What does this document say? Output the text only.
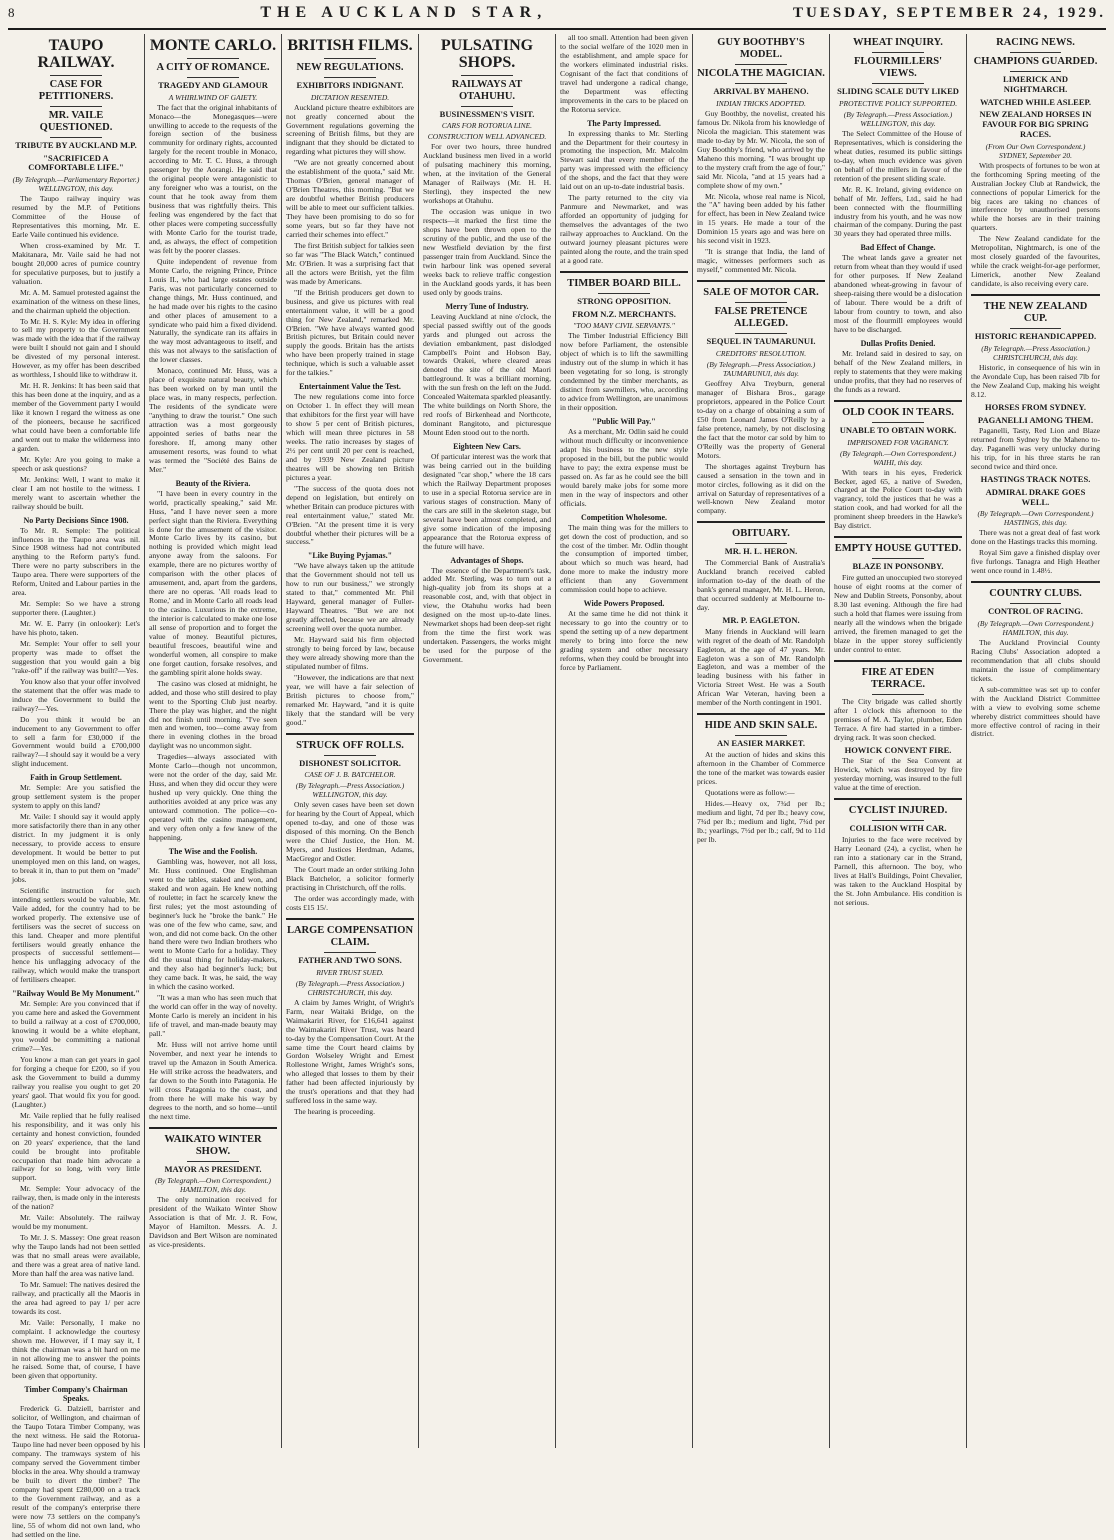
8	THE AUCKLAND STAR,	TUESDAY, SEPTEMBER 24, 1929.
TAUPO RAILWAY.
CASE FOR PETITIONERS.
MR. VAILE QUESTIONED.
TRIBUTE BY AUCKLAND M.P.
"SACRIFICED A COMFORTABLE LIFE."
(By Telegraph.—Parliamentary Reporter.) WELLINGTON, this day.

The Taupo railway inquiry was resumed by the M.P. of Petitions Committee of the House of Representatives this morning, Mr. E. Earle Vaile continued his evidence.

When cross-examined by Mr. T. Makitanara, Mr. Vaile said he had not bought 20,000 acres of pumice country for speculative purposes, but to justify a valuation.

Mr. A. M. Samuel protested against the examination of the witness on these lines, and the chairman upheld the objection.

To Mr. H. S. Kyle: My idea in offering to sell my property to the Government was made with the idea that if the railway were built I should not gain and I should be divested of my personal interest. However, as my offer has been described as worthless, I should like to withdraw it.

Mr. H. R. Jenkins: It has been said that this has been done at the inquiry, and as a member of the Government party I would like it known I regard the witness as one of the pioneers, because he sacrificed what could have been a comfortable life and went out to make the wilderness into a garden.

Mr. Kyle: Are you going to make a speech or ask questions?

Mr. Jenkins: Well, I want to make it clear I am not hostile to the witness. I merely want to ascertain whether the railway should be built.

No Party Decisions Since 1908.

To Mr. R. Semple: The political influences in the Taupo area was nil. Since 1908 witness had not contributed anything to the Reform party's fund. There were no party subscribers in the Taupo area. There were supporters of the Reform, United and Labour parties in the area.

Mr. Semple: So we have a strong supporter there. (Laughter.)

Mr. W. E. Parry (in onlooker): Let's have his photo, taken.

Mr. Semple: Your offer to sell your property was made to offset the suggestion that you would gain a big "rake-off" if the railway was built?—Yes.

You know also that your offer involved the statement that the offer was made to induce the Government to build the railway?—Yes.

Do you think it would be an inducement to any Government to offer to sell a farm for £30,000 if the Government would build a £700,000 railway?—I should say it would be a very slight inducement.

Faith in Group Settlement.

Mr. Semple: Are you satisfied the group settlement system is the proper system to apply on this land?

Mr. Vaile: I should say it would apply more satisfactorily there than in any other district. In my judgment it is only necessary, to provide access to ensure development. It would be better to put unemployed men on this land, on wages, to break it in, than to put them on "made" jobs.

Scientific instruction for such intending settlers would be valuable, Mr. Vaile added, for the country had to be worked properly. The extensive use of fertilisers was the secret of success on this land. Cheaper and more plentiful fertilisers would greatly enhance the prospects of successful settlement—hence his unflagging advocacy of the railway, which would make the transport of fertilisers cheaper.

"Railway Would Be My Monument."

Mr. Semple: Are you convinced that if you came here and asked the Government to build a railway at a cost of £700,000, knowing it would be a white elephant, you would be committing a national crime?—Yes.

You know a man can get years in gaol for forging a cheque for £200, so if you ask the Government to build a dummy railway you realise you ought to get 20 years' gaol. That would fix you for good. (Laughter.)

Mr. Vaile replied that he fully realised his responsibility, and it was only his certainty and honest conviction, founded on 20 years' experience, that the land could be brought into profitable occupation that made him advocate a railway for so long, with very little support.

Mr. Semple: Your advocacy of the railway, then, is made only in the interests of the nation?

Mr. Vaile: Absolutely. The railway would be my monument.

To Mr. J. S. Massey: One great reason why the Taupo lands had not been settled was that no small areas were available, and there was a great area of native land. More than half the area was native land.

To Mr. Samuel: The natives desired the railway, and practically all the Maoris in the area had agreed to pay 1/ per acre towards its cost.

Mr. Vaile: Personally, I make no complaint. I acknowledge the courtesy shown me. However, if I may say it, I think the chairman was a bit hard on me in not allowing me to answer the points he raised. Some that, of course, I have been given that opportunity.

Timber Company's Chairman Speaks.

Frederick G. Dalziell, barrister and solicitor, of Wellington, and chairman of the Taupo Totara Timber Company, was the next witness. He said the Rotorua-Taupo line had never been opposed by his company. The tramways system of his company served the Government timber blocks in the area. Why should a tramway be built to divert the timber? The company had spent £280,000 on a track to the Government railway, and as a result of the company's enterprise there were now 73 settlers on the company's line, 55 of whom did not own land, who had settled on the line.

MONTE CARLO.
A CITY OF ROMANCE.
TRAGEDY AND GLAMOUR
A WHIRLWIND OF GAIETY.

The fact that the original inhabitants of Monaco—the Monegasques—were unwilling to accede to the requests of the foreign section of the business community for ordinary rights, accounted largely for the recent trouble in Monaco, according to Mr. T. C. Huss, a through passenger by the Aorangi. He said that the original people were antagonistic to any foreigner who was a tourist, on the count that he took away from them business that was rightfully theirs. This feeling was engendered by the fact that other places were competing successfully with Monte Carlo for the tourist trade, and, as always, the effect of competition was felt by the poorer classes.

Quite independent of revenue from Monte Carlo, the reigning Prince, Prince Louis II., who had large estates outside Paris, was not particularly concerned to change things, Mr. Huss continued, and he had made over his rights to the casino and other places of amusement to a syndicate who paid him a fixed dividend. Naturally, the syndicate ran its affairs in the way most advantageous to itself, and this was not always to the satisfaction of the lower classes.

Monaco, continued Mr. Huss, was a place of exquisite natural beauty, which has been worked on by man until the place was, in many respects, perfection. The residents of the syndicate were "anything to draw the tourist." One such attraction was a most gorgeously appointed series of baths near the foreshore. If, among many other amusement resorts, was found to what was termed the "Société des Bains de Mer."

Beauty of the Riviera.

"I have been in every country in the world, practically speaking," said Mr. Huss, "and I have never seen a more perfect sight than the Riviera. Everything is done for the amusement of the visitor. Monte Carlo lives by its casino, but nothing is provided which might lead anyone away from the saloons. For example, there are no pictures worthy of comparison with the other places of amusement, and, apart from the gardens, there are no operas. 'All roads lead to Rome,' and in Monte Carlo all roads lead to the casino. Luxurious in the extreme, the interior is calculated to make one lose all sense of proportion and to forget the value of money. Beautiful pictures, beautiful frescoes, beautiful wine and wonderful women, all conspire to make one forget caution, forsake resolves, and the gambling spirit alone holds sway.

The casino was closed at midnight, he added, and those who still desired to play went to the Sporting Club just nearby. There the play was higher, and the night did not finish until morning. "I've seen men and women, too—come away from there in evening clothes in the broad daylight was no uncommon sight.

Tragedies—always associated with Monte Carlo—though not uncommon, were not the order of the day, said Mr. Huss, and when they did occur they were hushed up very quickly. One thing the authorities avoided at any price was any untoward commotion. The police—co-operated with the casino management, and very often only a few knew of the happening.

The Wise and the Foolish.

Gambling was, however, not all loss, Mr. Huss continued. One Englishman went to the tables, staked and won, and staked and won again. He knew nothing of roulette; in fact he scarcely knew the first rules; yet the most astounding of beginner's luck he "broke the bank." He was one of the few who came, saw, and won, and did not come back. On the other hand there were two Indian brothers who went to Monte Carlo for a holiday. They did the usual thing for holiday-makers, and they also had beginner's luck; but they came back. It was, he said, the way in which the casino worked.

"It was a man who has seen much that the world can offer in the way of novelty. Monte Carlo is merely an incident in his life of travel, and man-made beauty may pall."

Mr. Huss will not arrive home until November, and next year he intends to travel up the Amazon in South America. He will strike across the headwaters, and far down to the South into Patagonia. He will cross Patagonia to the coast, and from there he will make his way by degrees to the north, and so home—until the next time.

WAIKATO WINTER SHOW.
MAYOR AS PRESIDENT.
(By Telegraph.—Own Correspondent.) HAMILTON, this day.

The only nomination received for president of the Waikato Winter Show Association is that of Mr. J. R. Fow, Mayor of Hamilton. Messrs. A. J. Davidson and Bert Wilson are nominated as vice-presidents.

BRITISH FILMS.
NEW REGULATIONS.
EXHIBITORS INDIGNANT.
DICTATION RESENTED.

Auckland picture theatre exhibitors are not greatly concerned about the Government regulations governing the screening of British films, but they are indignant that they should be dictated to regarding what pictures they will show.

"We are not greatly concerned about the establishment of the quota," said Mr. Thomas O'Brien, general manager of O'Brien Theatres, this morning. "But we are doubtful whether British producers will be able to meet our sufficient talkies. They have been promising to do so for some years, but so far they have not carried their schemes into effect."

The first British subject for talkies seen so far was "The Black Watch," continued Mr. O'Brien. It was a surprising fact that all the actors were British, yet the film was made by Americans.

"If the British producers get down to business, and give us pictures with real entertainment value, it will be a good thing for New Zealand," remarked Mr. O'Brien. "We have always wanted good British pictures, but Britain could never supply the goods. Britain has the artists who have been properly trained in stage technique, which is such a valuable asset for the talkies."

Entertainment Value the Test.

The new regulations come into force on October 1. In effect they will mean that exhibitors for the first year will have to show 5 per cent of British pictures, which will mean three pictures in 58 weeks. The ratio increases by stages of 2½ per cent until 20 per cent is reached, and by 1939 New Zealand picture theatres will be showing ten British pictures a year.

"The success of the quota does not depend on legislation, but entirely on whether Britain can produce pictures with real entertainment value," stated Mr. O'Brien. "At the present time it is very doubtful whether their pictures will be a success."

"Like Buying Pyjamas."

"We have always taken up the attitude that the Government should not tell us how to run our business," we strongly stated to that," commented Mr. Phil Hayward, general manager of Fuller-Hayward Theatres. "But we are not greatly affected, because we are already screening well over the quota number.

Mr. Hayward said his firm objected strongly to being forced by law, because they were already showing more than the stipulated number of films.

"However, the indications are that next year, we will have a fair selection of British pictures to choose from," remarked Mr. Hayward, "and it is quite likely that the standard will be very good."

STRUCK OFF ROLLS.
DISHONEST SOLICITOR.
CASE OF J. B. BATCHELOR.
(By Telegraph.—Press Association.) WELLINGTON, this day.

Only seven cases have been set down for hearing by the Court of Appeal, which opened to-day, and one of those was disposed of this morning. On the Bench were the Chief Justice, the Hon. M. Myers, and Justices Herdman, Adams, MacGregor and Ostler.

The Court made an order striking John Black Batchelor, a solicitor formerly practising in Christchurch, off the rolls.

The order was accordingly made, with costs £15 15/.

LARGE COMPENSATION CLAIM.
FATHER AND TWO SONS.
RIVER TRUST SUED.
(By Telegraph.—Press Association.) CHRISTCHURCH, this day.

A claim by James Wright, of Wright's Farm, near Waitaki Bridge, on the Waimakariri River, for £16,641 against the Waimakariri River Trust, was heard to-day by the Compensation Court. At the same time the Court heard claims by Gordon Wolseley Wright and Ernest Rollestone Wright, James Wright's sons, who alleged that losses to them by their father had been affected injuriously by the trust's operations and that they had suffered loss in the same way.

The hearing is proceeding.

PULSATING SHOPS.
RAILWAYS AT OTAHUHU.
BUSINESSMEN'S VISIT.
CARS FOR ROTORUA LINE.
CONSTRUCTION WELL ADVANCED.

For over two hours, three hundred Auckland business men lived in a world of pulsating machinery this morning, when, at the invitation of the General Manager of Railways (Mr. H. H. Sterling), they inspected the new workshops at Otahuhu.

The occasion was unique in two respects—it marked the first time the shops have been thrown open to the scrutiny of the public, and the use of the new Westfield deviation by the first passenger train from Auckland. Since the twin harbour link was opened several weeks back to relieve traffic congestion in the Auckland goods yards, it has been used only by goods trains.

Merry Tune of Industry.

Leaving Auckland at nine o'clock, the special passed swiftly out of the goods yards and plunged out across the deviation embankment, past dislodged Campbell's Point and Hobson Bay, towards Orakei, where cleared areas denoted the site of the old Maori battleground. It was a brilliant morning, with the sun fresh on the left on the Judd. Concealed Waitemata sparkled pleasantly. The white buildings on North Shore, the red roofs of Birkenhead and Northcote, dominant Rangitoto, and picturesque Mount Eden stood out to the north.

Eighteen New Cars.

Of particular interest was the work that was being carried out in the building designated "car shop," where the 18 cars which the Railway Department proposes to use in a special Rotorua service are in various stages of construction. Many of the cars are still in the skeleton stage, but several have been almost completed, and give some indication of the imposing appearance that the Rotorua express of the future will have.

Advantages of Shops.

The essence of the Department's task, added Mr. Sterling, was to turn out a high-quality job from its shops at a reasonable cost, and, with that object in view, the Otahuhu works had been designed on the most up-to-date lines. Newmarket shops had been deep-set right from the time the first work was undertaken. Passengers, the works might be used for the purpose of the Government.

all too small. Attention had been given to the social welfare of the 1020 men in the establishment, and ample space for the workers eliminated industrial risks. Cognisant of the fact that conditions of travel had undergone a radical change, the Department was effecting improvements in the cars to be placed on the Rotorua service.

The Party Impressed.

In expressing thanks to Mr. Sterling and the Department for their courtesy in promoting the inspection, Mr. Malcolm Stewart said that every member of the party was impressed with the efficiency of the shops, and the fact that they were laid out on an up-to-date industrial basis.

The party returned to the city via Panmure and Newmarket, and was afforded an opportunity of judging for themselves the advantages of the two railway approaches to Auckland. On the outward journey pleasant pictures were painted along the route, and the train sped at a good rate.

TIMBER BOARD BILL.
STRONG OPPOSITION.
FROM N.Z. MERCHANTS.
"TOO MANY CIVIL SERVANTS."

The Timber Industrial Efficiency Bill now before Parliament, the ostensible object of which is to lift the sawmilling industry out of the slump in which it has been vegetating for so long, is strongly condemned by the timber merchants, as distinct from sawmillers, who, according to advice from Wellington, are unanimous in their opposition.

"Public Will Pay."

As a merchant, Mr. Odlin said he could without much difficulty or inconvenience adapt his business to the new style proposed in the bill, but the public would have to pay; the extra expense must be passed on. As far as he could see the bill would barely make jobs for some more men in the way of inspectors and other officials.

Competition Wholesome.

The main thing was for the millers to get down the cost of production, and so the cost of the timber. Mr. Odlin thought the consumption of imported timber, about which so much was heard, had done more to make the industry more efficient than any Government commission could hope to achieve.

Wide Powers Proposed.

At the same time he did not think it necessary to go into the country or to spend the setting up of a new department merely to bring into force the new grading system and other necessary reforms, when they could be brought into force by Parliament.

GUY BOOTHBY'S MODEL.
NICOLA THE MAGICIAN.
ARRIVAL BY MAHENO.
INDIAN TRICKS ADOPTED.

Guy Boothby, the novelist, created his famous Dr. Nikola from his knowledge of Nicola the magician. This statement was made to-day by Mr. W. Nicola, the son of Guy Boothby's friend, who arrived by the Maheno this morning. "I was brought up to the mystery craft from the age of four," said Mr. Nicola, "and at 15 years had a complete show of my own."

Mr. Nicola, whose real name is Nicol, the "A" having been added by his father for effect, has been in New Zealand twice in 15 years. He made a tour of the Dominion 15 years ago and was here on his second visit in 1923.

"It is strange that India, the land of magic, witnesses performers such as myself," commented Mr. Nicola.

SALE OF MOTOR CAR.
FALSE PRETENCE ALLEGED.
SEQUEL IN TAUMARUNUI.
CREDITORS' RESOLUTION.
(By Telegraph.—Press Association.) TAUMARUNUI, this day.

Geoffrey Alva Treyburn, general manager of Bishara Bros., garage proprietors, appeared in the Police Court to-day on a charge of obtaining a sum of £50 from Leonard James O'Reilly by a false pretence, namely, by not disclosing the fact that the motor car sold by him to O'Reilly was the property of General Motors.

The shortages against Treyburn has caused a sensation in the town and in motor circles, following as it did on the arrival on Saturday of representatives of a well-known New Zealand motor company.

OBITUARY.
MR. H. L. HERON.

The Commercial Bank of Australia's Auckland branch received cabled information to-day of the death of the bank's general manager, Mr. H. L. Heron, that occurred suddenly at Melbourne to-day.

MR. P. EAGLETON.

Many friends in Auckland will learn with regret of the death of Mr. Randolph Eagleton, at the age of 47 years. Mr. Eagleton was a son of Mr. Randolph Eagleton, and was a member of the leading business with his father in Victoria Street West. He was a South African War Veteran, having been a member of the North contingent in 1901.

HIDE AND SKIN SALE.
AN EASIER MARKET.

At the auction of hides and skins this afternoon in the Chamber of Commerce the tone of the market was towards easier prices.

Quotations were as follow:—

Hides.—Heavy ox, 7¾d per lb.; medium and light, 7d per lb.; heavy cow, 7¾d per lb.; medium and light, 7¾d per lb.; yearlings, 7½d per lb.; calf, 9d to 11d per lb.

WHEAT INQUIRY.
FLOURMILLERS' VIEWS.
SLIDING SCALE DUTY LIKED
PROTECTIVE POLICY SUPPORTED.
(By Telegraph.—Press Association.) WELLINGTON, this day.

The Select Committee of the House of Representatives, which is considering the wheat duties, resumed its public sittings to-day, when much evidence was given on behalf of the millers in favour of the retention of the present sliding scale.

Mr. R. K. Ireland, giving evidence on behalf of Mr. Jeffers, Ltd., said he had been connected with the flourmilling industry from his youth, and he was now chairman of the company. During the past 30 years they had operated three mills.

Bad Effect of Change.

The wheat lands gave a greater net return from wheat than they would if used for other purposes. If New Zealand abandoned wheat-growing in favour of sheep-raising there would be a dislocation of labour. There would be a drift of labour from country to town, and also most of the flourmill employees would have to be discharged.

Dullas Profits Denied.

Mr. Ireland said in desired to say, on behalf of the New Zealand millers, in reply to statements that they were making undue profits, that they had no reserves of the funds as a reward.

OLD COOK IN TEARS.
UNABLE TO OBTAIN WORK.
IMPRISONED FOR VAGRANCY.
(By Telegraph.—Own Correspondent.) WAIHI, this day.

With tears in his eyes, Frederick Becker, aged 65, a native of Sweden, charged at the Police Court to-day with vagrancy, told the justices that he was a station cook, and had worked for all the prominent sheep breeders in the Hawke's Bay district.

EMPTY HOUSE GUTTED.
BLAZE IN PONSONBY.

Fire gutted an unoccupied two storeyed house of eight rooms at the corner of New and Dublin Streets, Ponsonby, about 8.30 last evening. Although the fire had such a hold that flames were issuing from nearly all the windows when the brigade arrived, the firemen managed to get the blaze in the upper storey sufficiently under control to enter.

FIRE AT EDEN TERRACE.

The City brigade was called shortly after 1 o'clock this afternoon to the premises of M. A. Taylor, plumber, Eden Terrace. A fire had started in a timber-drying rack. It was soon checked.

HOWICK CONVENT FIRE.

The Star of the Sea Convent at Howick, which was destroyed by fire yesterday morning, was insured to the full value at the time of erection.

CYCLIST INJURED.
COLLISION WITH CAR.

Injuries to the face were received by Harry Leonard (24), a cyclist, when he ran into a stationary car in the Strand, Parnell, this afternoon. The boy, who lives at Hall's Buildings, Point Chevalier, was taken to the Auckland Hospital by the St. John Ambulance. His condition is not serious.

RACING NEWS.
CHAMPIONS GUARDED.
LIMERICK AND NIGHTMARCH.
WATCHED WHILE ASLEEP.
NEW ZEALAND HORSES IN FAVOUR FOR BIG SPRING RACES.
(From Our Own Correspondent.) SYDNEY, September 20.

With prospects of fortunes to be won at the forthcoming Spring meeting of the Australian Jockey Club at Randwick, the connections of popular Limerick for the big races are taking no chances of interference by unauthorised persons while the horses are in their training quarters.

The New Zealand candidate for the Metropolitan, Nightmarch, is one of the most closely guarded of the favourites, while the crack weight-for-age performer, Limerick, another New Zealand candidate, is also receiving every care.

THE NEW ZEALAND CUP.
HISTORIC REHANDICAPPED.
(By Telegraph.—Press Association.) CHRISTCHURCH, this day.

Historic, in consequence of his win in the Avondale Cup, has been raised 7lb for the New Zealand Cup, making his weight 8.12.

HORSES FROM SYDNEY.
PAGANELLI AMONG THEM.

Paganelli, Tasty, Red Lion and Blaze returned from Sydney by the Maheno to-day. Paganelli was very unlucky during his trip, for in his three starts he ran second twice and third once.

HASTINGS TRACK NOTES.
ADMIRAL DRAKE GOES WELL.
(By Telegraph.—Own Correspondent.) HASTINGS, this day.

There was not a great deal of fast work done on the Hastings tracks this morning.

Royal Sim gave a finished display over five furlongs. Tanagra and High Heather went once round in 1.48½.

COUNTRY CLUBS.
CONTROL OF RACING.
(By Telegraph.—Own Correspondent.) HAMILTON, this day.

The Auckland Provincial County Racing Clubs' Association adopted a recommendation that all clubs should maintain the issue of complimentary tickets.

A sub-committee was set up to confer with the Auckland District Committee with a view to evolving some scheme whereby district committees should have more effective control of racing in their district.
